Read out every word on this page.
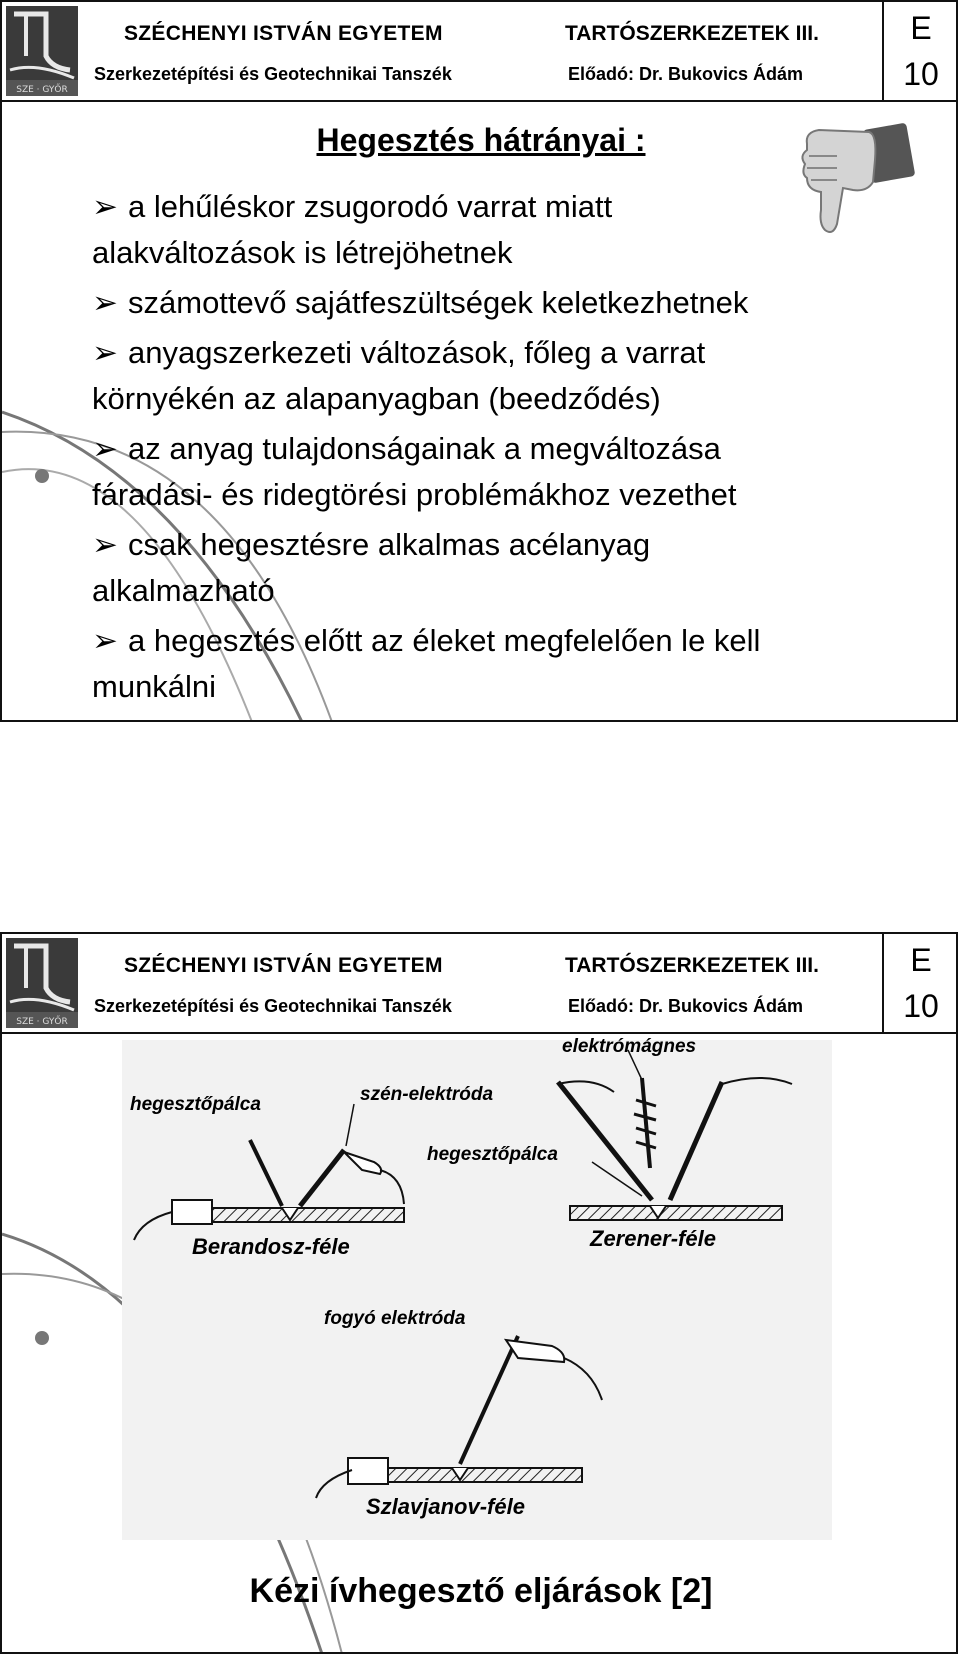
SZE · GYŐR
SZÉCHENYI ISTVÁN EGYETEM
Szerkezetépítési és Geotechnikai Tanszék
TARTÓSZERKEZETEK III.
Előadó: Dr. Bukovics Ádám
E
10
Hegesztés hátrányai :
➢ a lehűléskor zsugorodó varrat miatt
alakváltozások is létrejöhetnek
➢ számottevő sajátfeszültségek keletkezhetnek
➢ anyagszerkezeti változások, főleg a varrat
környékén az alapanyagban (beedződés)
➢ az anyag tulajdonságainak a megváltozása
fáradási- és ridegtörési problémákhoz vezethet
➢ csak hegesztésre alkalmas acélanyag
alkalmazható
➢ a hegesztés előtt az éleket megfelelően le kell
munkálni
SZE · GYŐR
SZÉCHENYI ISTVÁN EGYETEM
Szerkezetépítési és Geotechnikai Tanszék
TARTÓSZERKEZETEK III.
Előadó: Dr. Bukovics Ádám
E
10
hegesztőpálca	szén-elektróda
elektrómágnes
hegesztőpálca
fogyó elektróda
Berandosz-féle	Zerener-féle
Szlavjanov-féle
Kézi ívhegesztő eljárások [2]
